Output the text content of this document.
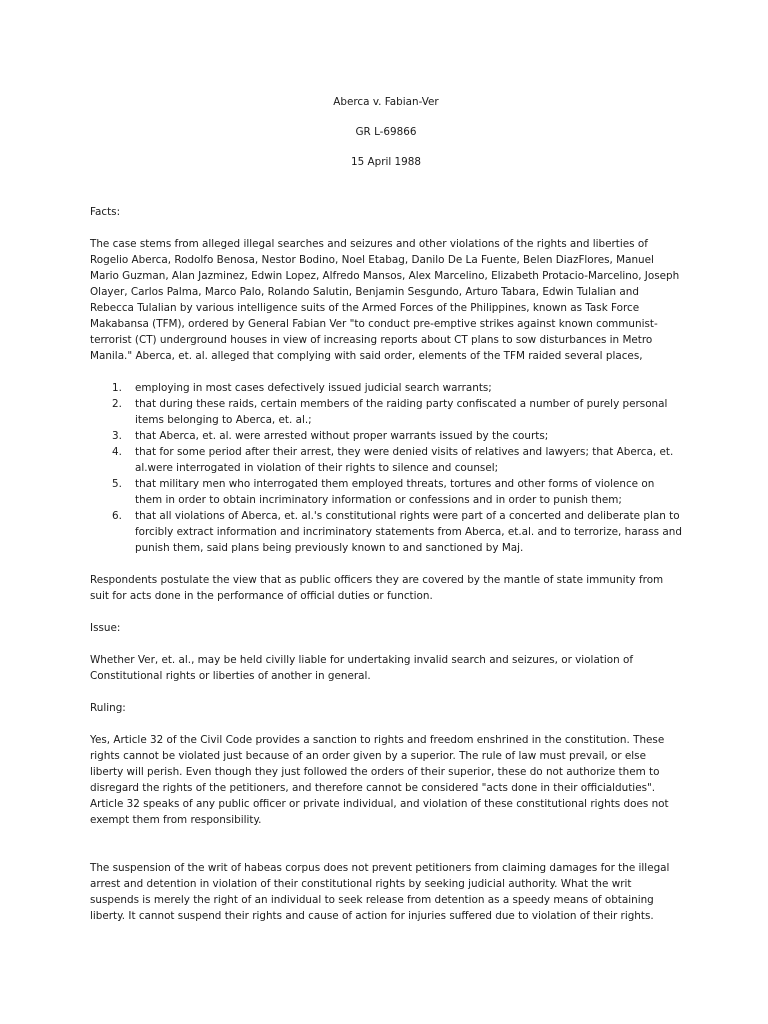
Aberca v. Fabian-Ver

GR L-69866

15 April 1988

Facts:

The case stems from alleged illegal searches and seizures and other violations of the rights and liberties of Rogelio Aberca, Rodolfo Benosa, Nestor Bodino, Noel Etabag, Danilo De La Fuente, Belen DiazFlores, Manuel Mario Guzman, Alan Jazminez, Edwin Lopez, Alfredo Mansos, Alex Marcelino, Elizabeth Protacio-Marcelino, Joseph Olayer, Carlos Palma, Marco Palo, Rolando Salutin, Benjamin Sesgundo, Arturo Tabara, Edwin Tulalian and Rebecca Tulalian by various intelligence suits of the Armed Forces of the Philippines, known as Task Force Makabansa (TFM), ordered by General Fabian Ver "to conduct pre-emptive strikes against known communist-terrorist (CT) underground houses in view of increasing reports about CT plans to sow disturbances in Metro Manila." Aberca, et. al. alleged that complying with said order, elements of the TFM raided several places,

1. employing in most cases defectively issued judicial search warrants;
2. that during these raids, certain members of the raiding party confiscated a number of purely personal items belonging to Aberca, et. al.;
3. that Aberca, et. al. were arrested without proper warrants issued by the courts;
4. that for some period after their arrest, they were denied visits of relatives and lawyers; that Aberca, et. al.were interrogated in violation of their rights to silence and counsel;
5. that military men who interrogated them employed threats, tortures and other forms of violence on them in order to obtain incriminatory information or confessions and in order to punish them;
6. that all violations of Aberca, et. al.'s constitutional rights were part of a concerted and deliberate plan to forcibly extract information and incriminatory statements from Aberca, et.al. and to terrorize, harass and punish them, said plans being previously known to and sanctioned by Maj.

Respondents postulate the view that as public officers they are covered by the mantle of state immunity from suit for acts done in the performance of official duties or function.

Issue:

Whether Ver, et. al., may be held civilly liable for undertaking invalid search and seizures, or violation of Constitutional rights or liberties of another in general.

Ruling:

Yes, Article 32 of the Civil Code provides a sanction to rights and freedom enshrined in the constitution. These rights cannot be violated just because of an order given by a superior. The rule of law must prevail, or else liberty will perish. Even though they just followed the orders of their superior, these do not authorize them to disregard the rights of the petitioners, and therefore cannot be considered "acts done in their officialduties". Article 32 speaks of any public officer or private individual, and violation of these constitutional rights does not exempt them from responsibility.

The suspension of the writ of habeas corpus does not prevent petitioners from claiming damages for the illegal arrest and detention in violation of their constitutional rights by seeking judicial authority. What the writ suspends is merely the right of an individual to seek release from detention as a speedy means of obtaining liberty. It cannot suspend their rights and cause of action for injuries suffered due to violation of their rights.
